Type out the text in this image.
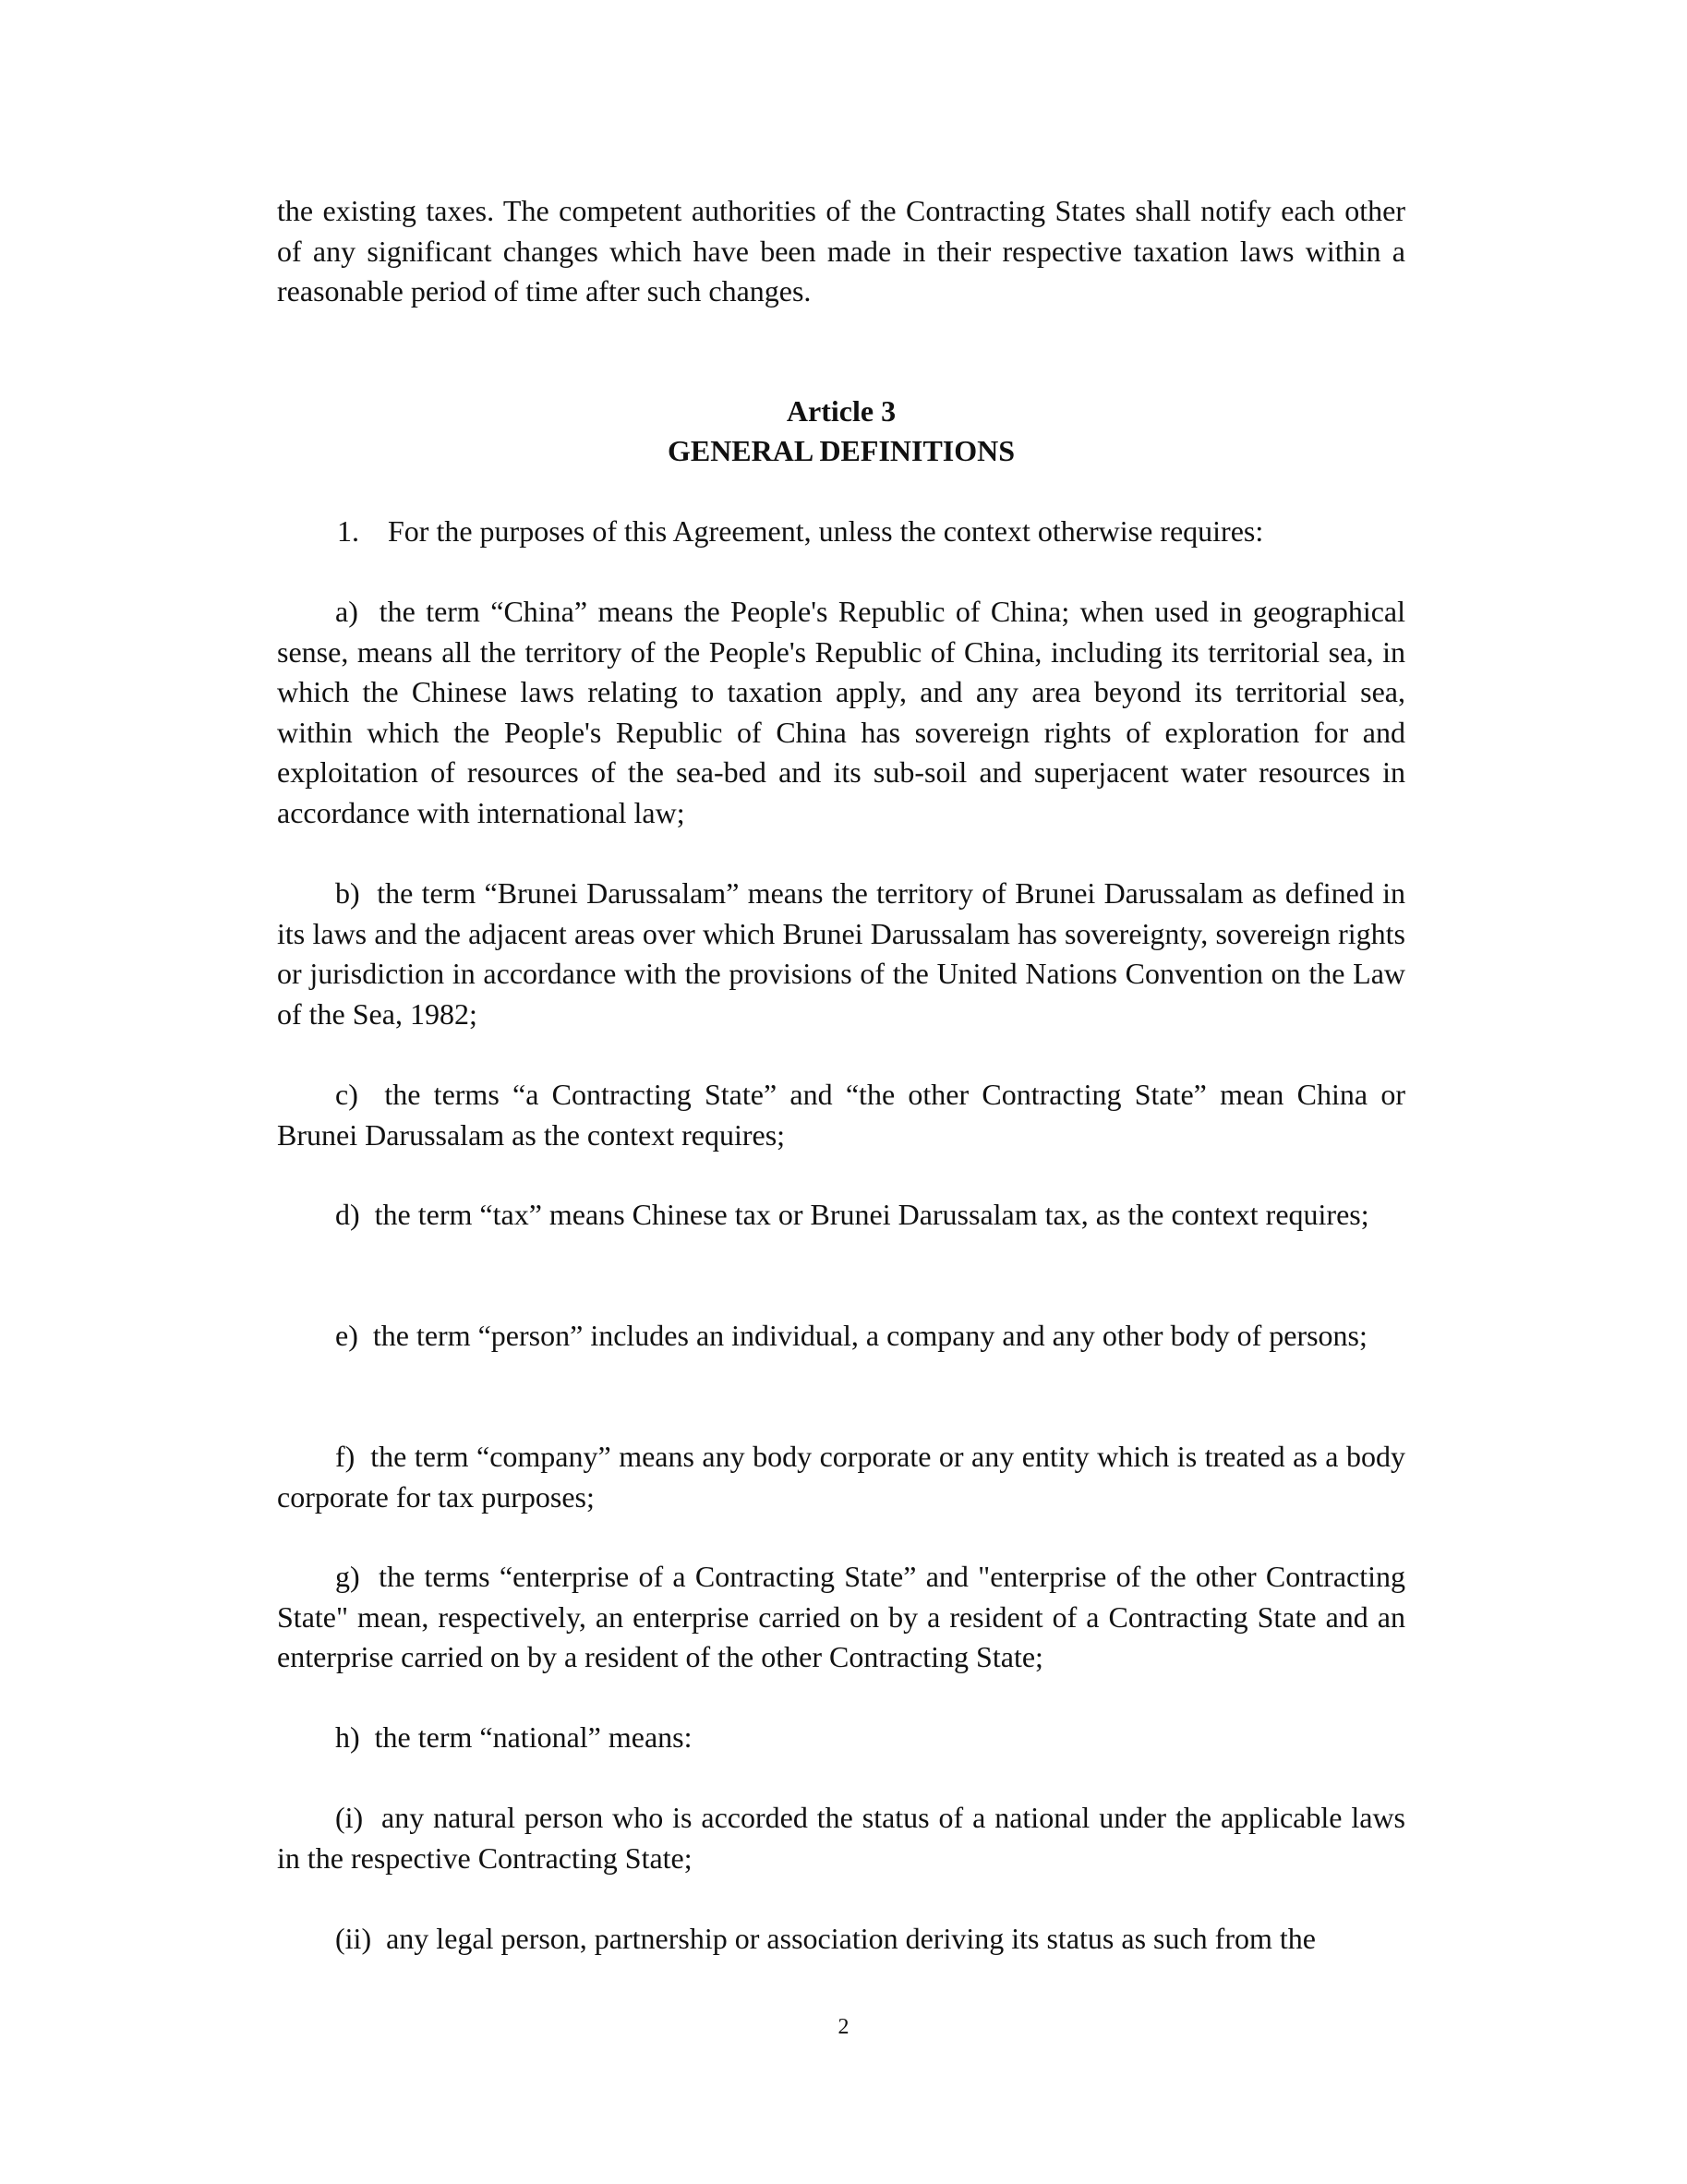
the existing taxes. The competent authorities of the Contracting States shall notify each other of any significant changes which have been made in their respective taxation laws within a reasonable period of time after such changes.

Article 3

GENERAL DEFINITIONS

1. For the purposes of this Agreement, unless the context otherwise requires:

a)  the term “China” means the People's Republic of China; when used in geographical sense, means all the territory of the People's Republic of China, including its territorial sea, in which the Chinese laws relating to taxation apply, and any area beyond its territorial sea, within which the People's Republic of China has sovereign rights of exploration for and exploitation of resources of the sea-bed and its sub-soil and superjacent water resources in accordance with international law;

b)  the term “Brunei Darussalam” means the territory of Brunei Darussalam as defined in its laws and the adjacent areas over which Brunei Darussalam has sovereignty, sovereign rights or jurisdiction in accordance with the provisions of the United Nations Convention on the Law of the Sea, 1982;

c)  the terms “a Contracting State” and “the other Contracting State” mean China or Brunei Darussalam as the context requires;

d)  the term “tax” means Chinese tax or Brunei Darussalam tax, as the context requires;

e)  the term “person” includes an individual, a company and any other body of persons;

f)  the term “company” means any body corporate or any entity which is treated as a body corporate for tax purposes;

g)  the terms “enterprise of a Contracting State” and "enterprise of the other Contracting State" mean, respectively, an enterprise carried on by a resident of a Contracting State and an enterprise carried on by a resident of the other Contracting State;

h)  the term “national” means:

(i)  any natural person who is accorded the status of a national under the applicable laws in the respective Contracting State;

(ii)  any legal person, partnership or association deriving its status as such from the

2
